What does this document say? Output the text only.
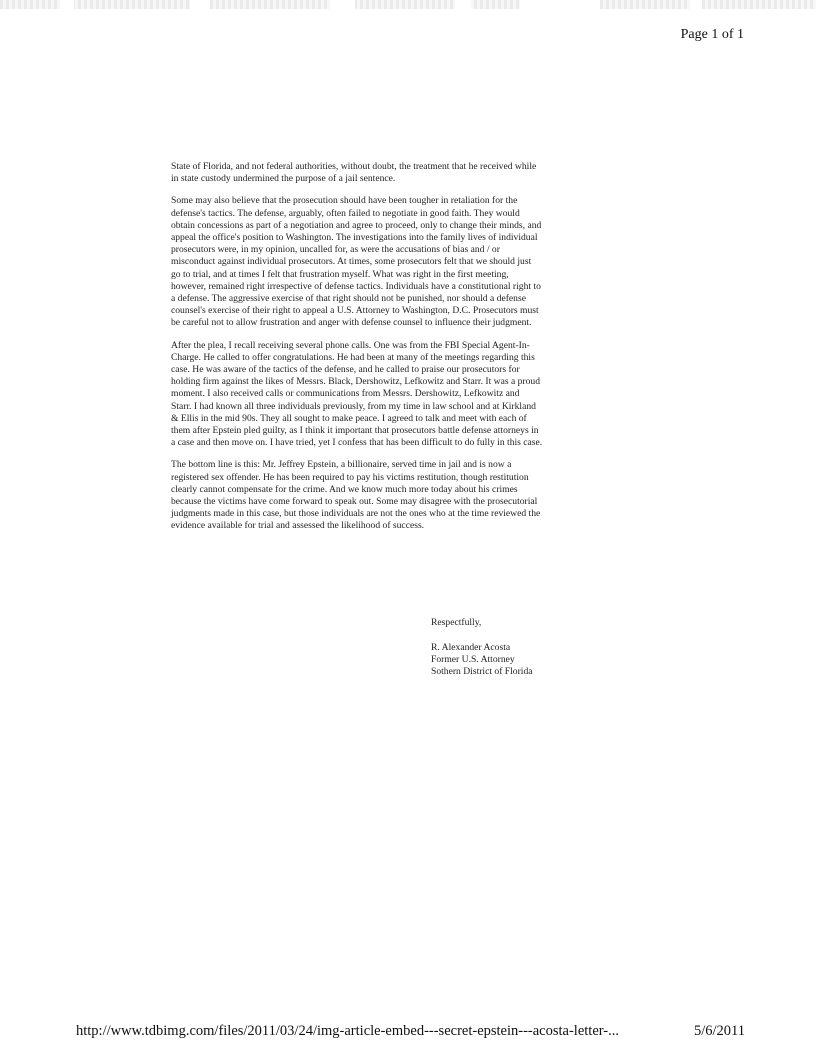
Page 1 of 1
State of Florida, and not federal authorities, without doubt, the treatment that he received while
in state custody undermined the purpose of a jail sentence.
Some may also believe that the prosecution should have been tougher in retaliation for the
defense's tactics. The defense, arguably, often failed to negotiate in good faith. They would
obtain concessions as part of a negotiation and agree to proceed, only to change their minds, and
appeal the office's position to Washington. The investigations into the family lives of individual
prosecutors were, in my opinion, uncalled for, as were the accusations of bias and / or
misconduct against individual prosecutors. At times, some prosecutors felt that we should just
go to trial, and at times I felt that frustration myself. What was right in the first meeting,
however, remained right irrespective of defense tactics. Individuals have a constitutional right to
a defense. The aggressive exercise of that right should not be punished, nor should a defense
counsel's exercise of their right to appeal a U.S. Attorney to Washington, D.C. Prosecutors must
be careful not to allow frustration and anger with defense counsel to influence their judgment.
After the plea, I recall receiving several phone calls. One was from the FBI Special Agent-In-
Charge. He called to offer congratulations. He had been at many of the meetings regarding this
case. He was aware of the tactics of the defense, and he called to praise our prosecutors for
holding firm against the likes of Messrs. Black, Dershowitz, Lefkowitz and Starr. It was a proud
moment. I also received calls or communications from Messrs. Dershowitz, Lefkowitz and
Starr. I had known all three individuals previously, from my time in law school and at Kirkland
& Ellis in the mid 90s. They all sought to make peace. I agreed to talk and meet with each of
them after Epstein pled guilty, as I think it important that prosecutors battle defense attorneys in
a case and then move on. I have tried, yet I confess that has been difficult to do fully in this case.
The bottom line is this: Mr. Jeffrey Epstein, a billionaire, served time in jail and is now a
registered sex offender. He has been required to pay his victims restitution, though restitution
clearly cannot compensate for the crime. And we know much more today about his crimes
because the victims have come forward to speak out. Some may disagree with the prosecutorial
judgments made in this case, but those individuals are not the ones who at the time reviewed the
evidence available for trial and assessed the likelihood of success.
Respectfully,
R. Alexander Acosta
Former U.S. Attorney
Sothern District of Florida
http://www.tdbimg.com/files/2011/03/24/img-article-embed---secret-epstein---acosta-letter-...	5/6/2011
